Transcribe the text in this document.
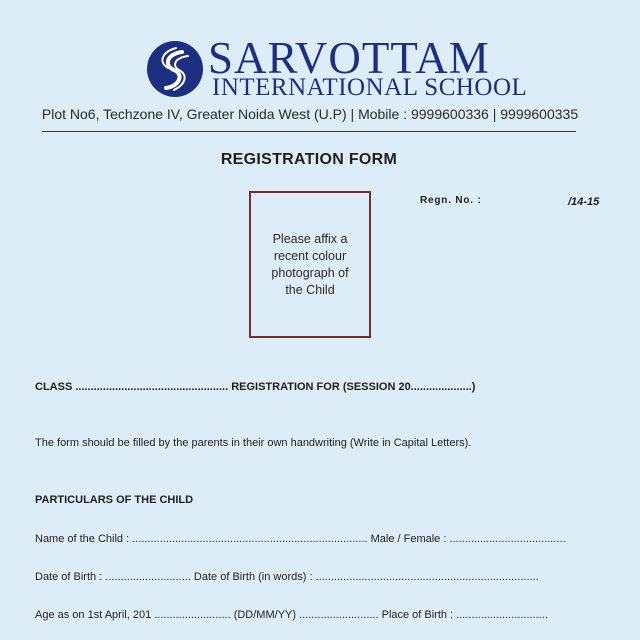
SARVOTTAM
INTERNATIONAL SCHOOL
Plot No6, Techzone IV, Greater Noida West (U.P) | Mobile : 9999600336 | 9999600335
REGISTRATION FORM
Please affix a recent colour photograph of the Child
Regn. No. :	/14-15
CLASS .................................................. REGISTRATION FOR (SESSION 20....................)
The form should be filled by the parents in their own handwriting (Write in Capital Letters).
PARTICULARS OF THE CHILD
Name of the Child : ............................................................................. Male / Female : ......................................
Date of Birth : ............................ Date of Birth (in words) : .........................................................................
Age as on 1st April, 201 ......................... (DD/MM/YY) .......................... Place of Birth : ..............................
